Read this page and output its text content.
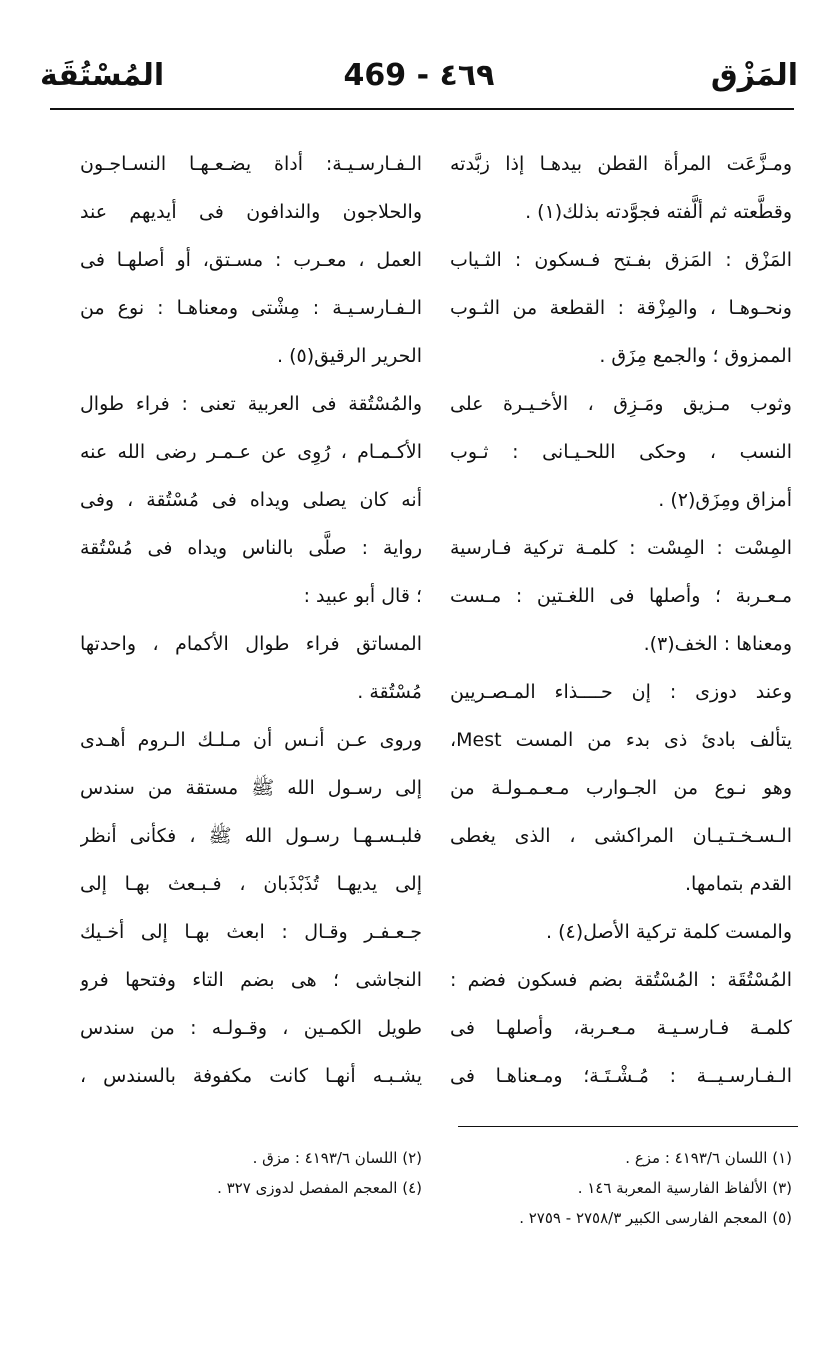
المَزْق
469 - ٤٦٩
المُسْتُقَة
ومـزَّعَت المرأة القطن بيدهـا إذا زبَّدته
وقطَّعته ثم ألَّفته فجوَّدته بذلك(١) .
المَزْق : المَزق بفـتح فـسكون : الثـياب
ونحـوهـا ، والمِزْقة : القطعة من الثـوب
الممزوق ؛ والجمع مِزَق .
وثوب مـزيق ومَـزِق ، الأخـيـرة على
النسب ، وحكى اللحـيـانى : ثـوب
أمزاق ومِزَق(٢) .
المِسْت : المِسْت : كلمـة تركية فـارسية
مـعـربة ؛ وأصلها فى اللغـتين : مـست
ومعناها : الخف(٣).
وعند دوزى : إن حــــذاء المـصـريين
يتألف بادئ ذى بدء من المست Mest،
وهو نـوع من الجـوارب مـعـمـولـة من
الـسـخـتـيـان المراكشى ، الذى يغطى
القدم بتمامها.
والمست كلمة تركية الأصل(٤) .
المُسْتُقَة : المُسْتُقة بضم فسكون فضم :
كلمـة فـارسـيـة مـعـربة، وأصلهـا فى
الـفـارسـيــة : مُـشْـتَـة؛ ومـعناهـا فى
الـفـارسـيـة: أداة يضـعـهـا النسـاجـون
والحلاجون والندافون فى أيديهم عند
العمل ، معـرب : مسـتق، أو أصلهـا فى
الـفـارسـيـة : مِشْتى ومعناهـا : نوع من
الحرير الرقيق(٥) .
والمُسْتُقة فى العربية تعنى : فراء طوال
الأكـمـام ، رُوِى عن عـمـر رضى الله عنه
أنه كان يصلى ويداه فى مُسْتُقة ، وفى
رواية : صلَّى بالناس ويداه فى مُسْتُقة
؛ قال أبو عبيد :
المساتق فراء طوال الأكمام ، واحدتها
مُسْتُقة .
وروى عـن أنـس أن مـلـك الـروم أهـدى
إلى رسـول الله ﷺ مستقة من سندس
فلبـسـهـا رسـول الله ﷺ ، فكأنى أنظر
إلى يديهـا تُذَبْذَبان ، فـبـعث بهـا إلى
جـعـفـر وقـال : ابعث بهـا إلى أخـيك
النجاشى ؛ هى بضم التاء وفتحها فرو
طويل الكمـين ، وقـولـه : من سندس
يشـبـه أنهـا كانت مكفوفة بالسندس ،
(١) اللسان ٤١٩٣/٦ : مزع .
(٣) الألفاظ الفارسية المعربة ١٤٦ .
(٥) المعجم الفارسى الكبير ٢٧٥٨/٣ - ٢٧٥٩ .
(٢) اللسان ٤١٩٣/٦ : مزق .
(٤) المعجم المفصل لدوزى ٣٢٧ .
